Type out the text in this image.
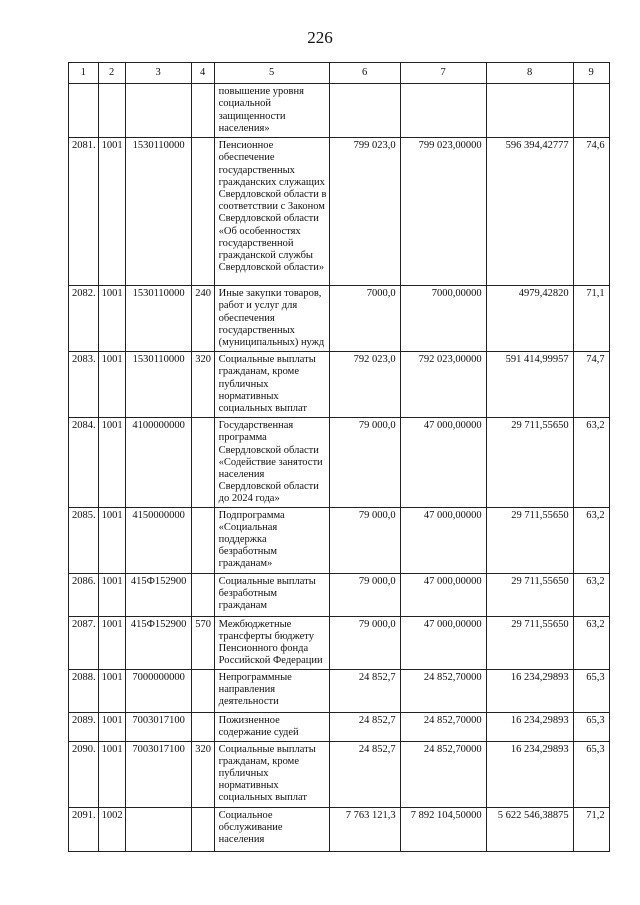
226
1	2	3	4	5	6	7	8	9
				повышение уровня социальной защищенности населения»				
2081.	1001	1530110000		Пенсионное обеспечение государственных гражданских служащих Свердловской области в соответствии с Законом Свердловской области «Об особенностях государственной гражданской службы Свердловской области»	799 023,0	799 023,00000	596 394,42777	74,6
2082.	1001	1530110000	240	Иные закупки товаров, работ и услуг для обеспечения государственных (муниципальных) нужд	7000,0	7000,00000	4979,42820	71,1
2083.	1001	1530110000	320	Социальные выплаты гражданам, кроме публичных нормативных социальных выплат	792 023,0	792 023,00000	591 414,99957	74,7
2084.	1001	4100000000		Государственная программа Свердловской области «Содействие занятости населения Свердловской области до 2024 года»	79 000,0	47 000,00000	29 711,55650	63,2
2085.	1001	4150000000		Подпрограмма «Социальная поддержка безработным гражданам»	79 000,0	47 000,00000	29 711,55650	63,2
2086.	1001	415Ф152900		Социальные выплаты безработным гражданам	79 000,0	47 000,00000	29 711,55650	63,2
2087.	1001	415Ф152900	570	Межбюджетные трансферты бюджету Пенсионного фонда Российской Федерации	79 000,0	47 000,00000	29 711,55650	63,2
2088.	1001	7000000000		Непрограммные направления деятельности	24 852,7	24 852,70000	16 234,29893	65,3
2089.	1001	7003017100		Пожизненное содержание судей	24 852,7	24 852,70000	16 234,29893	65,3
2090.	1001	7003017100	320	Социальные выплаты гражданам, кроме публичных нормативных социальных выплат	24 852,7	24 852,70000	16 234,29893	65,3
2091.	1002			Социальное обслуживание населения	7 763 121,3	7 892 104,50000	5 622 546,38875	71,2
